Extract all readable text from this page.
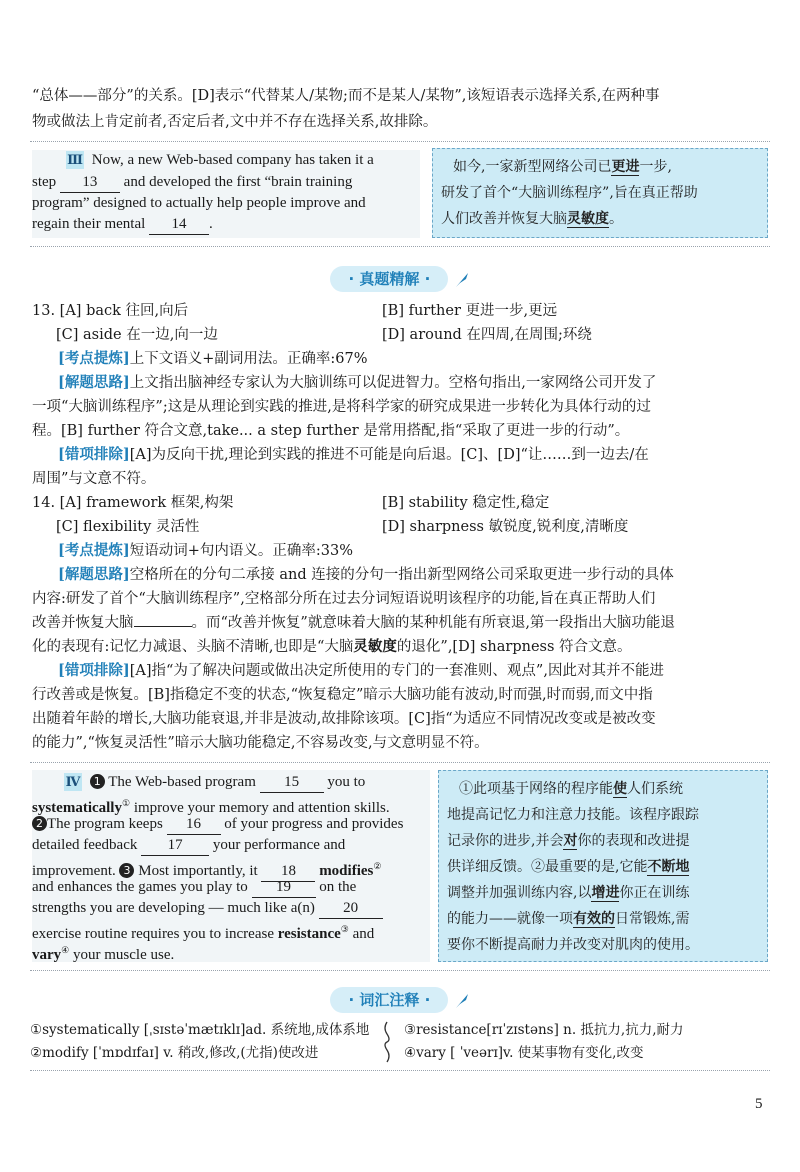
“总体——部分”的关系。[D]表示“代替某人/某物;而不是某人/某物”,该短语表示选择关系,在两种事
物或做法上肯定前者,否定后者,文中并不存在选择关系,故排除。
Ⅲ Now, a new Web-based company has taken it a
step 13 and developed the first “brain training
program” designed to actually help people improve and
regain their mental 14 .
如今,一家新型网络公司已更进一步,
研发了首个“大脑训练程序”,旨在真正帮助
人们改善并恢复大脑灵敏度。
· 真题精解 ·
13. [A] back 往回,向后	[B] further 更进一步,更远
[C] aside 在一边,向一边	[D] around 在四周,在周围;环绕
[考点提炼]上下文语义+副词用法。正确率:67%
[解题思路]上文指出脑神经专家认为大脑训练可以促进智力。空格句指出,一家网络公司开发了
一项“大脑训练程序”;这是从理论到实践的推进,是将科学家的研究成果进一步转化为具体行动的过
程。[B] further 符合文意,take... a step further 是常用搭配,指“采取了更进一步的行动”。
[错项排除][A]为反向干扰,理论到实践的推进不可能是向后退。[C]、[D]“让……到一边去/在
周围”与文意不符。
14. [A] framework 框架,构架	[B] stability 稳定性,稳定
[C] flexibility 灵活性	[D] sharpness 敏锐度,锐利度,清晰度
[考点提炼]短语动词+句内语义。正确率:33%
[解题思路]空格所在的分句二承接 and 连接的分句一指出新型网络公司采取更进一步行动的具体
内容:研发了首个“大脑训练程序”,空格部分所在过去分词短语说明该程序的功能,旨在真正帮助人们
改善并恢复大脑	。而“改善并恢复”就意味着大脑的某种机能有所衰退,第一段指出大脑功能退
化的表现有:记忆力减退、头脑不清晰,也即是“大脑灵敏度的退化”,[D] sharpness 符合文意。
[错项排除][A]指“为了解决问题或做出决定所使用的专门的一套准则、观点”,因此对其并不能进
行改善或是恢复。[B]指稳定不变的状态,“恢复稳定”暗示大脑功能有波动,时而强,时而弱,而文中指
出随着年龄的增长,大脑功能衰退,并非是波动,故排除该项。[C]指“为适应不同情况改变或是被改变
的能力”,“恢复灵活性”暗示大脑功能稳定,不容易改变,与文意明显不符。
Ⅳ 1 The Web-based program 15 you to
systematically① improve your memory and attention skills.
2 The program keeps 16 of your progress and provides
detailed feedback 17 your performance and
improvement. 3 Most importantly, it 18 modifies②
and enhances the games you play to 19 on the
strengths you are developing — much like a(n) 20
exercise routine requires you to increase resistance③ and
vary④ your muscle use.
①此项基于网络的程序能使人们系统
地提高记忆力和注意力技能。该程序跟踪
记录你的进步,并会对你的表现和改进提
供详细反馈。②最重要的是,它能不断地
调整并加强训练内容,以增进你正在训练
的能力——就像一项有效的日常锻炼,需
要你不断提高耐力并改变对肌肉的使用。
· 词汇注释 ·
①systematically [ˌsɪstəˈmætɪklɪ]ad. 系统地,成体系地
②modify [ˈmɒdɪfaɪ] v. 稍改,修改,(尤指)使改进
③resistance[rɪˈzɪstəns] n. 抵抗力,抗力,耐力
④vary [ ˈveərɪ]v. 使某事物有变化,改变
5
